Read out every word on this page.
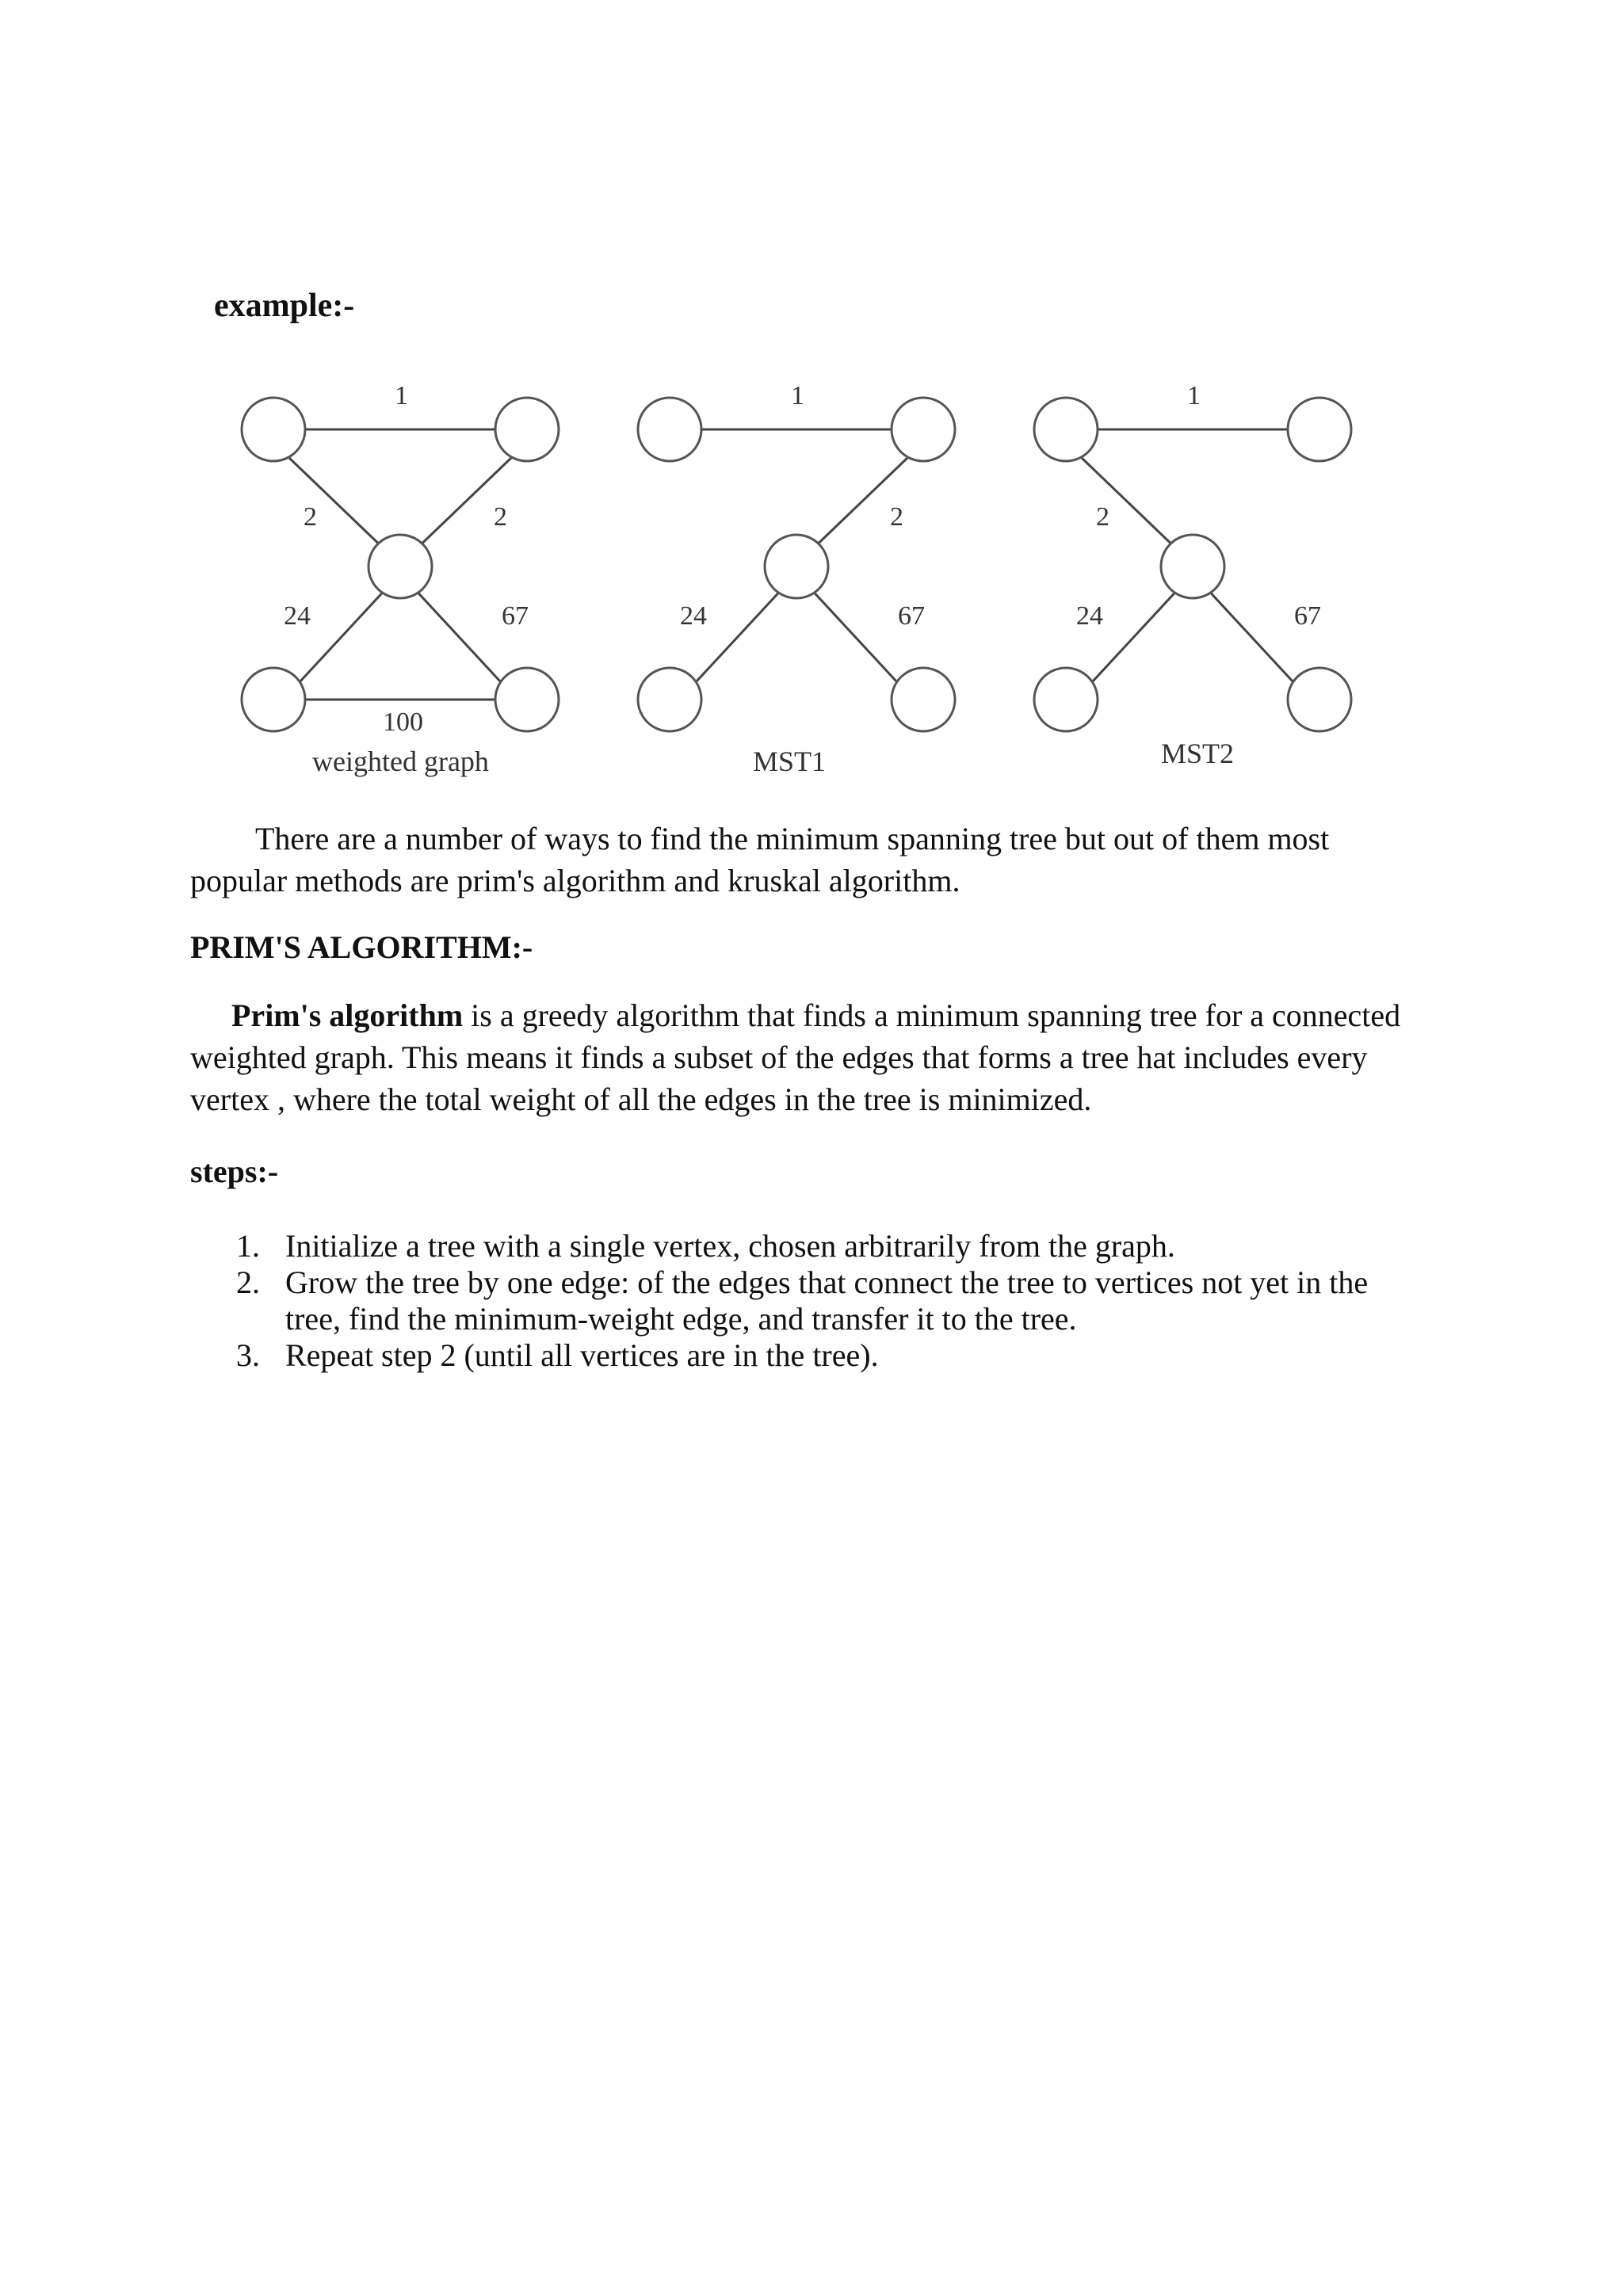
example:-
1
2	2
24	67
100
weighted graph
1
2
24	67
MST1
1
2
24	67
MST2

There are a number of ways to find the minimum spanning tree but out of them most popular methods are prim's algorithm and kruskal algorithm.

PRIM'S ALGORITHM:-

Prim's algorithm is a greedy algorithm that finds a minimum spanning tree for a connected weighted graph. This means it finds a subset of the edges that forms a tree hat includes every vertex , where the total weight of all the edges in the tree is minimized.

steps:-
1. Initialize a tree with a single vertex, chosen arbitrarily from the graph.
2. Grow the tree by one edge: of the edges that connect the tree to vertices not yet in the tree, find the minimum-weight edge, and transfer it to the tree.
3. Repeat step 2 (until all vertices are in the tree).
